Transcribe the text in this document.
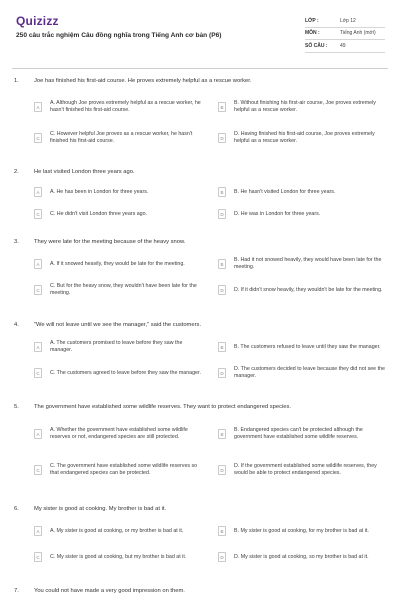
Quizizz
250 câu trắc nghiệm Câu đồng nghĩa trong Tiếng Anh cơ bản (P6)
LỚP :	Lớp 12
MÔN :	Tiếng Anh (mới)
SỐ CÂU :	49
1.	Joe has finished his first-aid course. He proves extremely helpful as a rescue worker.
A
A. Although Joe proves extremely helpful as a rescue worker, he hasn't finished his first-aid course.	B
B. Without finishing his first-air course, Joe proves extremely helpful as a rescue worker.
C
C. However helpful Joe proves as a rescue worker, he hasn't finished his first-aid course.	D
D. Having finished his first-aid course, Joe proves extremely helpful as a rescue worker.
2.	He last visited London three years ago.
A	A. He has been in London for three years.	B	B. He hasn't visited London for three years.
C	C. He didn't visit London three years ago.	D	D. He was in London for three years.
3.	They were late for the meeting because of the heavy snow.
A	A. If it snowed heavily, they would be late for the meeting.	B
B. Had it not snowed heavily, they would have been late for the meeting.
C
C. But for the heavy snow, they wouldn't have been late for the meeting.	D	D. If it didn't snow heavily, they wouldn't be late for the meeting.
4.	"We will not leave until we see the manager," said the customers.
A
A. The customers promised to leave before they saw the manager.	B	B. The customers refused to leave until they saw the manager.
C	C. The customers agreed to leave before they saw the manager.	D
D. The customers decided to leave because they did not see the manager.
5.	The government have established some wildlife reserves. They want to protect endangered species.
A
A. Whether the government have established some wildlife reserves or not, endangered species are still protected.	B
B. Endangered species can't be protected although the government have established some wildlife reserves.
C
C. The government have established some wildlife reserves so that endangered species can be protected.	D
D. If the government established some wildlife reserves, they would be able to protect endangered species.
6.	My sister is good at cooking. My brother is bad at it.
A	A. My sister is good at cooking, or my brother is bad at it.	B	B. My sister is good at cooking, for my brother is bad at it.
C	C. My sister is good at cooking, but my brother is bad at it.	D	D. My sister is good at cooking, so my brother is bad at it.
7.	You could not have made a very good impression on them.
